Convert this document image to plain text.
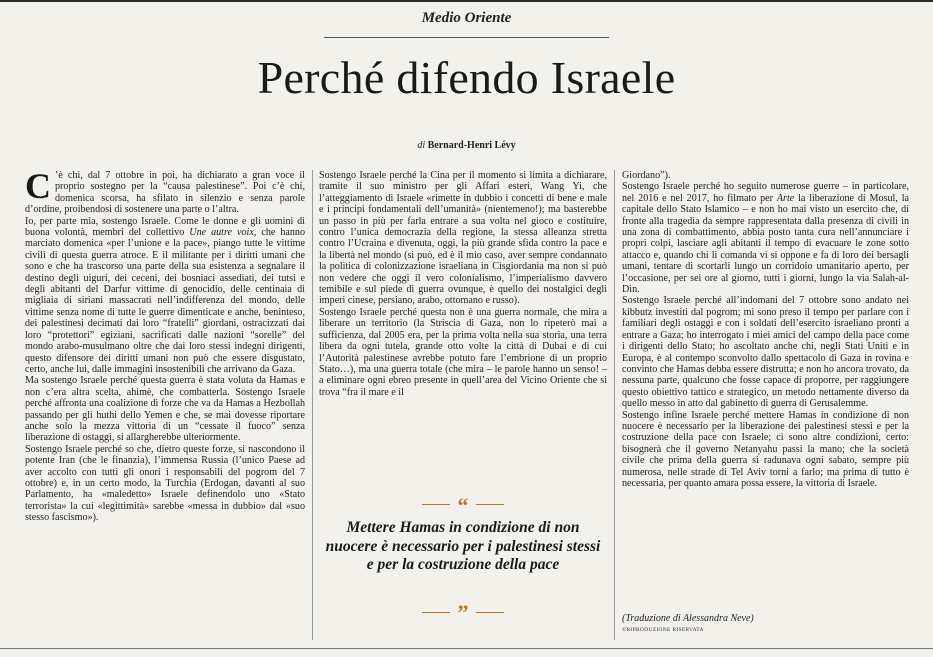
Medio Oriente
Perché difendo Israele
di Bernard-Henri Lévy

C ’è chi, dal 7 ottobre in poi, ha dichiarato a gran voce il proprio sostegno per la “causa palestinese”. Poi c’è chi, domenica scorsa, ha sfilato in silenzio e senza parole d’ordine, proibendosi di sostenere una parte o l’altra.

Io, per parte mia, sostengo Israele. Come le donne e gli uomini di buona volontà, membri del collettivo Une autre voix, che hanno marciato domenica «per l’unione e la pace», piango tutte le vittime civili di questa guerra atroce. E il militante per i diritti umani che sono e che ha trascorso una parte della sua esistenza a segnalare il destino degli uiguri, dei ceceni, dei bosniaci assediati, dei tutsi e degli abitanti del Darfur vittime di genocidio, delle centinaia di migliaia di siriani massacrati nell’indifferenza del mondo, delle vittime senza nome di tutte le guerre dimenticate e anche, beninteso, dei palestinesi decimati dai loro “fratelli” giordani, ostracizzati dai loro “protettori” egiziani, sacrificati dalle nazioni “sorelle” del mondo arabo-musulmano oltre che dai loro stessi indegni dirigenti, questo difensore dei diritti umani non può che essere disgustato, certo, anche lui, dalle immagini insostenibili che arrivano da Gaza.

Ma sostengo Israele perché questa guerra è stata voluta da Hamas e non c’era altra scelta, ahimè, che combatterla. Sostengo Israele perché affronta una coalizione di forze che va da Hamas a Hezbollah passando per gli huthi dello Yemen e che, se mai dovesse riportare anche solo la mezza vittoria di un “cessate il fuoco” senza liberazione di ostaggi, si allargherebbe ulteriormente.

Sostengo Israele perché so che, dietro queste forze, si nascondono il potente Iran (che le finanzia), l’immensa Russia (l’unico Paese ad aver accolto con tutti gli onori i responsabili del pogrom del 7 ottobre) e, in un certo modo, la Turchia (Erdogan, davanti al suo Parlamento, ha «maledetto» Israele definendolo uno «Stato terrorista» la cui «legittimità» sarebbe «messa in dubbio» dal «suo stesso fascismo»).

Sostengo Israele perché la Cina per il momento si limita a dichiarare, tramite il suo ministro per gli Affari esteri, Wang Yi, che l’atteggiamento di Israele «rimette in dubbio i concetti di bene e male e i principi fondamentali dell’umanità» (nientemeno!); ma basterebbe un passo in più per farla entrare a sua volta nel gioco e costituire, contro l’unica democrazia della regione, la stessa alleanza stretta contro l’Ucraina e divenuta, oggi, la più grande sfida contro la pace e la libertà nel mondo (si può, ed è il mio caso, aver sempre condannato la politica di colonizzazione israeliana in Cisgiordania ma non si può non vedere che oggi il vero colonialismo, l’imperialismo davvero temibile e sul piede di guerra ovunque, è quello dei nostalgici degli imperi cinese, persiano, arabo, ottomano e russo).

Sostengo Israele perché questa non è una guerra normale, che mira a liberare un territorio (la Striscia di Gaza, non lo ripeterò mai a sufficienza, dal 2005 era, per la prima volta nella sua storia, una terra libera da ogni tutela, grande otto volte la città di Dubai e di cui l’Autorità palestinese avrebbe potuto fare l’embrione di un proprio Stato…), ma una guerra totale (che mira – le parole hanno un senso! – a eliminare ogni ebreo presente in quell’area del Vicino Oriente che si trova “fra il mare e il

“
Mettere Hamas in condizione di non nuocere è necessario per i palestinesi stessi e per la costruzione della pace
”

Giordano”).

Sostengo Israele perché ho seguito numerose guerre – in particolare, nel 2016 e nel 2017, ho filmato per Arte la liberazione di Mosul, la capitale dello Stato Islamico – e non ho mai visto un esercito che, di fronte alla tragedia da sempre rappresentata dalla presenza di civili in una zona di combattimento, abbia posto tanta cura nell’annunciare i propri colpi, lasciare agli abitanti il tempo di evacuare le zone sotto attacco e, quando chi li comanda vi si oppone e fa di loro dei bersagli umani, tentare di scortarli lungo un corridoio umanitario aperto, per l’occasione, per sei ore al giorno, tutti i giorni, lungo la via Salah-al-Din.

Sostengo Israele perché all’indomani del 7 ottobre sono andato nei kibbutz investiti dal pogrom; mi sono preso il tempo per parlare con i familiari degli ostaggi e con i soldati dell’esercito israeliano pronti a entrare a Gaza; ho interrogato i miei amici del campo della pace come i dirigenti dello Stato; ho ascoltato anche chi, negli Stati Uniti e in Europa, è al contempo sconvolto dallo spettacolo di Gaza in rovina e convinto che Hamas debba essere distrutta; e non ho ancora trovato, da nessuna parte, qualcuno che fosse capace di proporre, per raggiungere questo obiettivo tattico e strategico, un metodo nettamente diverso da quello messo in atto dal gabinetto di guerra di Gerusalemme.

Sostengo infine Israele perché mettere Hamas in condizione di non nuocere è necessario per la liberazione dei palestinesi stessi e per la costruzione della pace con Israele; ci sono altre condizioni, certo: bisognerà che il governo Netanyahu passi la mano; che la società civile che prima della guerra si radunava ogni sabato, sempre più numerosa, nelle strade di Tel Aviv torni a farlo; ma prima di tutto è necessaria, per quanto amara possa essere, la vittoria di Israele.

(Traduzione di Alessandra Neve)
©RIPRODUZIONE RISERVATA
